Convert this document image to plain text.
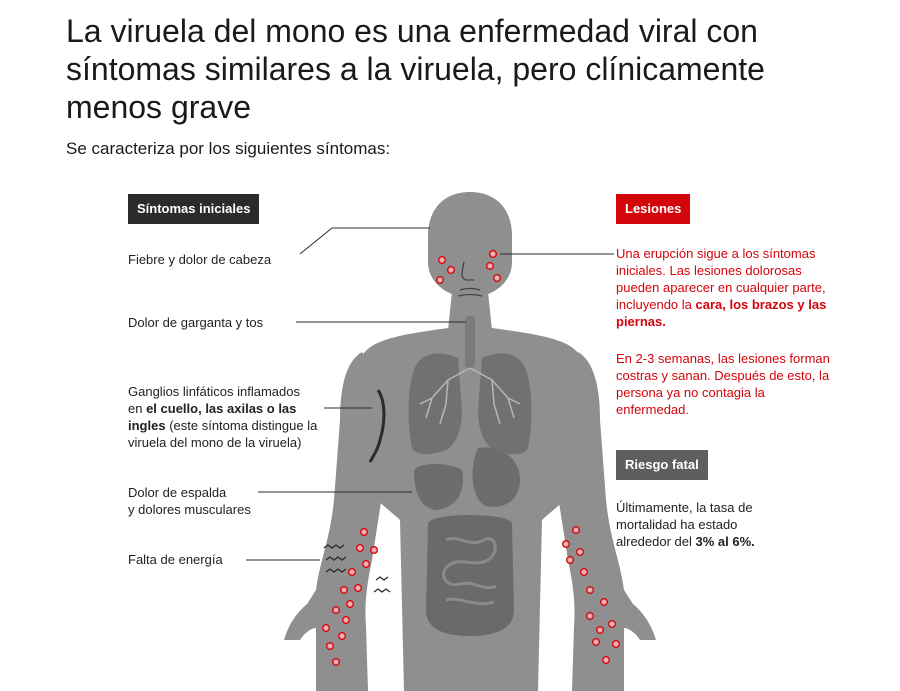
La viruela del mono es una enfermedad viral con
síntomas similares a la viruela, pero clínicamente
menos grave
Se caracteriza por los siguientes síntomas:
Síntomas iniciales
Fiebre y dolor de cabeza
Dolor de garganta y tos
Ganglios linfáticos inflamados en el cuello, las axilas o las ingles (este síntoma distingue la viruela del mono de la viruela)
Dolor de espalda
y dolores musculares
Falta de energía
Lesiones
Una erupción sigue a los síntomas iniciales. Las lesiones dolorosas pueden aparecer en cualquier parte, incluyendo la cara, los brazos y las piernas.
En 2-3 semanas, las lesiones forman costras y sanan. Después de esto, la persona ya no contagia la enfermedad.
Riesgo fatal
Últimamente, la tasa de mortalidad ha estado alrededor del 3% al 6%.
